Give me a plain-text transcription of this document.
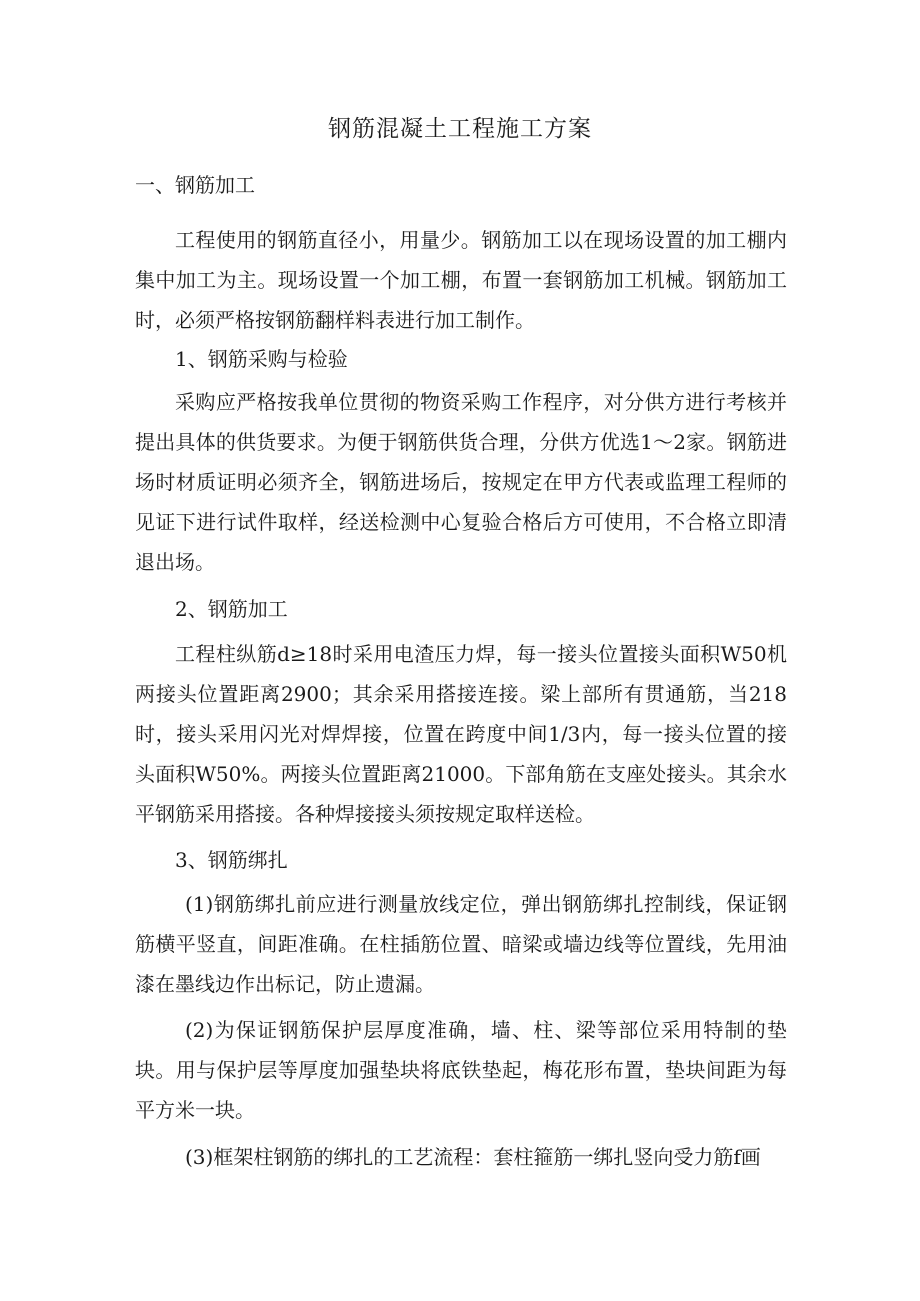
钢筋混凝土工程施工方案
一、钢筋加工

工程使用的钢筋直径小，用量少。钢筋加工以在现场设置的加工棚内集中加工为主。现场设置一个加工棚，布置一套钢筋加工机械。钢筋加工时，必须严格按钢筋翻样料表进行加工制作。

1、钢筋采购与检验

采购应严格按我单位贯彻的物资采购工作程序，对分供方进行考核并提出具体的供货要求。为便于钢筋供货合理，分供方优选1～2家。钢筋进场时材质证明必须齐全，钢筋进场后，按规定在甲方代表或监理工程师的见证下进行试件取样，经送检测中心复验合格后方可使用，不合格立即清退出场。

2、钢筋加工

工程柱纵筋d≥18时采用电渣压力焊，每一接头位置接头面积W50机两接头位置距离2900；其余采用搭接连接。梁上部所有贯通筋，当218时，接头采用闪光对焊焊接，位置在跨度中间1/3内，每一接头位置的接头面积W50%。两接头位置距离21000。下部角筋在支座处接头。其余水平钢筋采用搭接。各种焊接接头须按规定取样送检。

3、钢筋绑扎

(1)钢筋绑扎前应进行测量放线定位，弹出钢筋绑扎控制线，保证钢筋横平竖直，间距准确。在柱插筋位置、暗梁或墙边线等位置线，先用油漆在墨线边作出标记，防止遗漏。

(2)为保证钢筋保护层厚度准确，墙、柱、梁等部位采用特制的垫块。用与保护层等厚度加强垫块将底铁垫起，梅花形布置，垫块间距为每平方米一块。

(3)框架柱钢筋的绑扎的工艺流程：套柱箍筋一绑扎竖向受力筋f画
